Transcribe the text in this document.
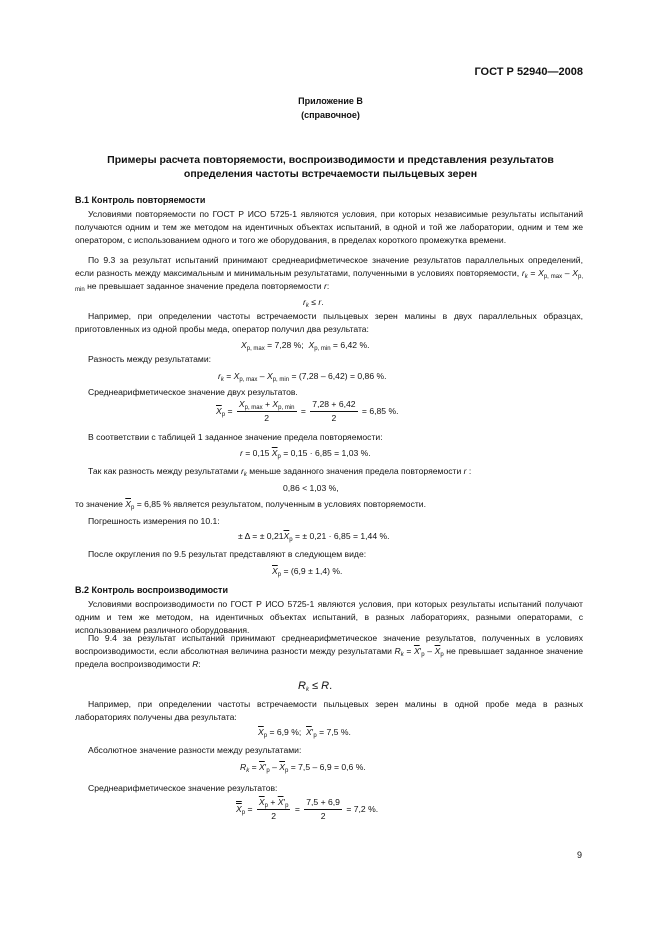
ГОСТ Р 52940—2008
Приложение В
(справочное)
Примеры расчета повторяемости, воспроизводимости и представления результатов
определения частоты встречаемости пыльцевых зерен
В.1 Контроль повторяемости
Условиями повторяемости по ГОСТ Р ИСО 5725-1 являются условия, при которых независимые результаты испытаний получаются одним и тем же методом на идентичных объектах испытаний, в одной и той же лаборатории, одним и тем же оператором, с использованием одного и того же оборудования, в пределах короткого промежутка времени.
По 9.3 за результат испытаний принимают среднеарифметическое значение результатов параллельных определений, если разность между максимальным и минимальным результатами, полученными в условиях повторяемости, $r_k = X_{p, max} - X_{p, min}$ не превышает заданное значение предела повторяемости r:
$r_k \le r$.
Например, при определении частоты встречаемости пыльцевых зерен малины в двух параллельных образцах, приготовленных из одной пробы меда, оператор получил два результата:
$X_{p, max} = 7,28$ %;  $X_{p, min} = 6,42$ %.
Разность между результатами:
$r_k = X_{p, max} - X_{p, min} = (7,28 - 6,42) = 0,86$ %.
Среднеарифметическое значение двух результатов.
$\overline{X}_p = \frac{X_{p, max} + X_{p, min}}{2} = \frac{7,28 + 6,42}{2} = 6,85$ %.
В соответствии с таблицей 1 заданное значение предела повторяемости:
r = 0,15 $\overline{X}_p = 0,15 \cdot 6,85 = 1,03$ %.
Так как разность между результатами $r_k$ меньше заданного значения предела повторяемости r :
0,86 < 1,03 %,
то значение $\overline{X}_p = 6,85$ % является результатом, полученным в условиях повторяемости.
Погрешность измерения по 10.1:
± Δ = ± $0,21\overline{X}_p$ = ± 0,21 · 6,85 = 1,44 %.
После округления по 9.5 результат представляют в следующем виде:
$\overline{X}_p = (6,9 \pm 1,4)$ %.
В.2 Контроль воспроизводимости
Условиями воспроизводимости по ГОСТ Р ИСО 5725-1 являются условия, при которых результаты испытаний получают одним и тем же методом, на идентичных объектах испытаний, в разных лабораториях, разными операторами, с использованием различного оборудования.
По 9.4 за результат испытаний принимают среднеарифметическое значение результатов, полученных в условиях воспроизводимости, если абсолютная величина разности между результатами $R_k = \overline{X}'_p - \overline{X}_p$ не превышает заданное значение предела воспроизводимости R:
$R_k \le R$.
Например, при определении частоты встречаемости пыльцевых зерен малины в одной пробе меда в разных лабораториях получены два результата:
$\overline{X}_p = 6,9$ %;  $\overline{X}'_p = 7,5$ %.
Абсолютное значение разности между результатами:
$R_k = \overline{X}'_p - \overline{X}_p = 7,5 - 6,9 = 0,6$ %.
Среднеарифметическое значение результатов:
$X_p = \frac{\overline{X}_p + \overline{X}'_p}{2} = \frac{7,5 + 6,9}{2} = 7,2$ %.
9
